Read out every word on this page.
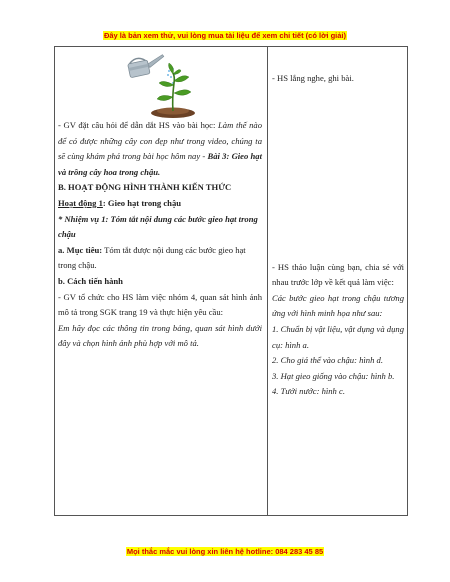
Đây là bản xem thử, vui lòng mua tài liệu để xem chi tiết (có lời giải)

- GV đặt câu hỏi để dẫn dắt HS vào bài học: Làm thế nào để có được những cây con đẹp như trong video, chúng ta sẽ cùng khám phá trong bài học hôm nay - Bài 3: Gieo hạt và trồng cây hoa trong chậu.

B. HOẠT ĐỘNG HÌNH THÀNH KIẾN THỨC

Hoạt động 1: Gieo hạt trong chậu

* Nhiệm vụ 1: Tóm tắt nội dung các bước gieo hạt trong chậu

a. Mục tiêu: Tóm tắt được nội dung các bước gieo hạt trong chậu.

b. Cách tiến hành

- GV tổ chức cho HS làm việc nhóm 4, quan sát hình ảnh mô tả trong SGK trang 19 và thực hiện yêu cầu:

Em hãy đọc các thông tin trong bảng, quan sát hình dưới đây và chọn hình ảnh phù hợp với mô tả.

- HS lắng nghe, ghi bài.

- HS thảo luận cùng bạn, chia sẻ với nhau trước lớp về kết quả làm việc:

Các bước gieo hạt trong chậu tương ứng với hình minh họa như sau:

1. Chuẩn bị vật liệu, vật dụng và dụng cụ: hình a.

2. Cho giá thể vào chậu: hình d.

3. Hạt gieo giống vào chậu: hình b.

4. Tưới nước: hình c.

Mọi thắc mắc vui lòng xin liên hệ hotline: 084 283 45 85
